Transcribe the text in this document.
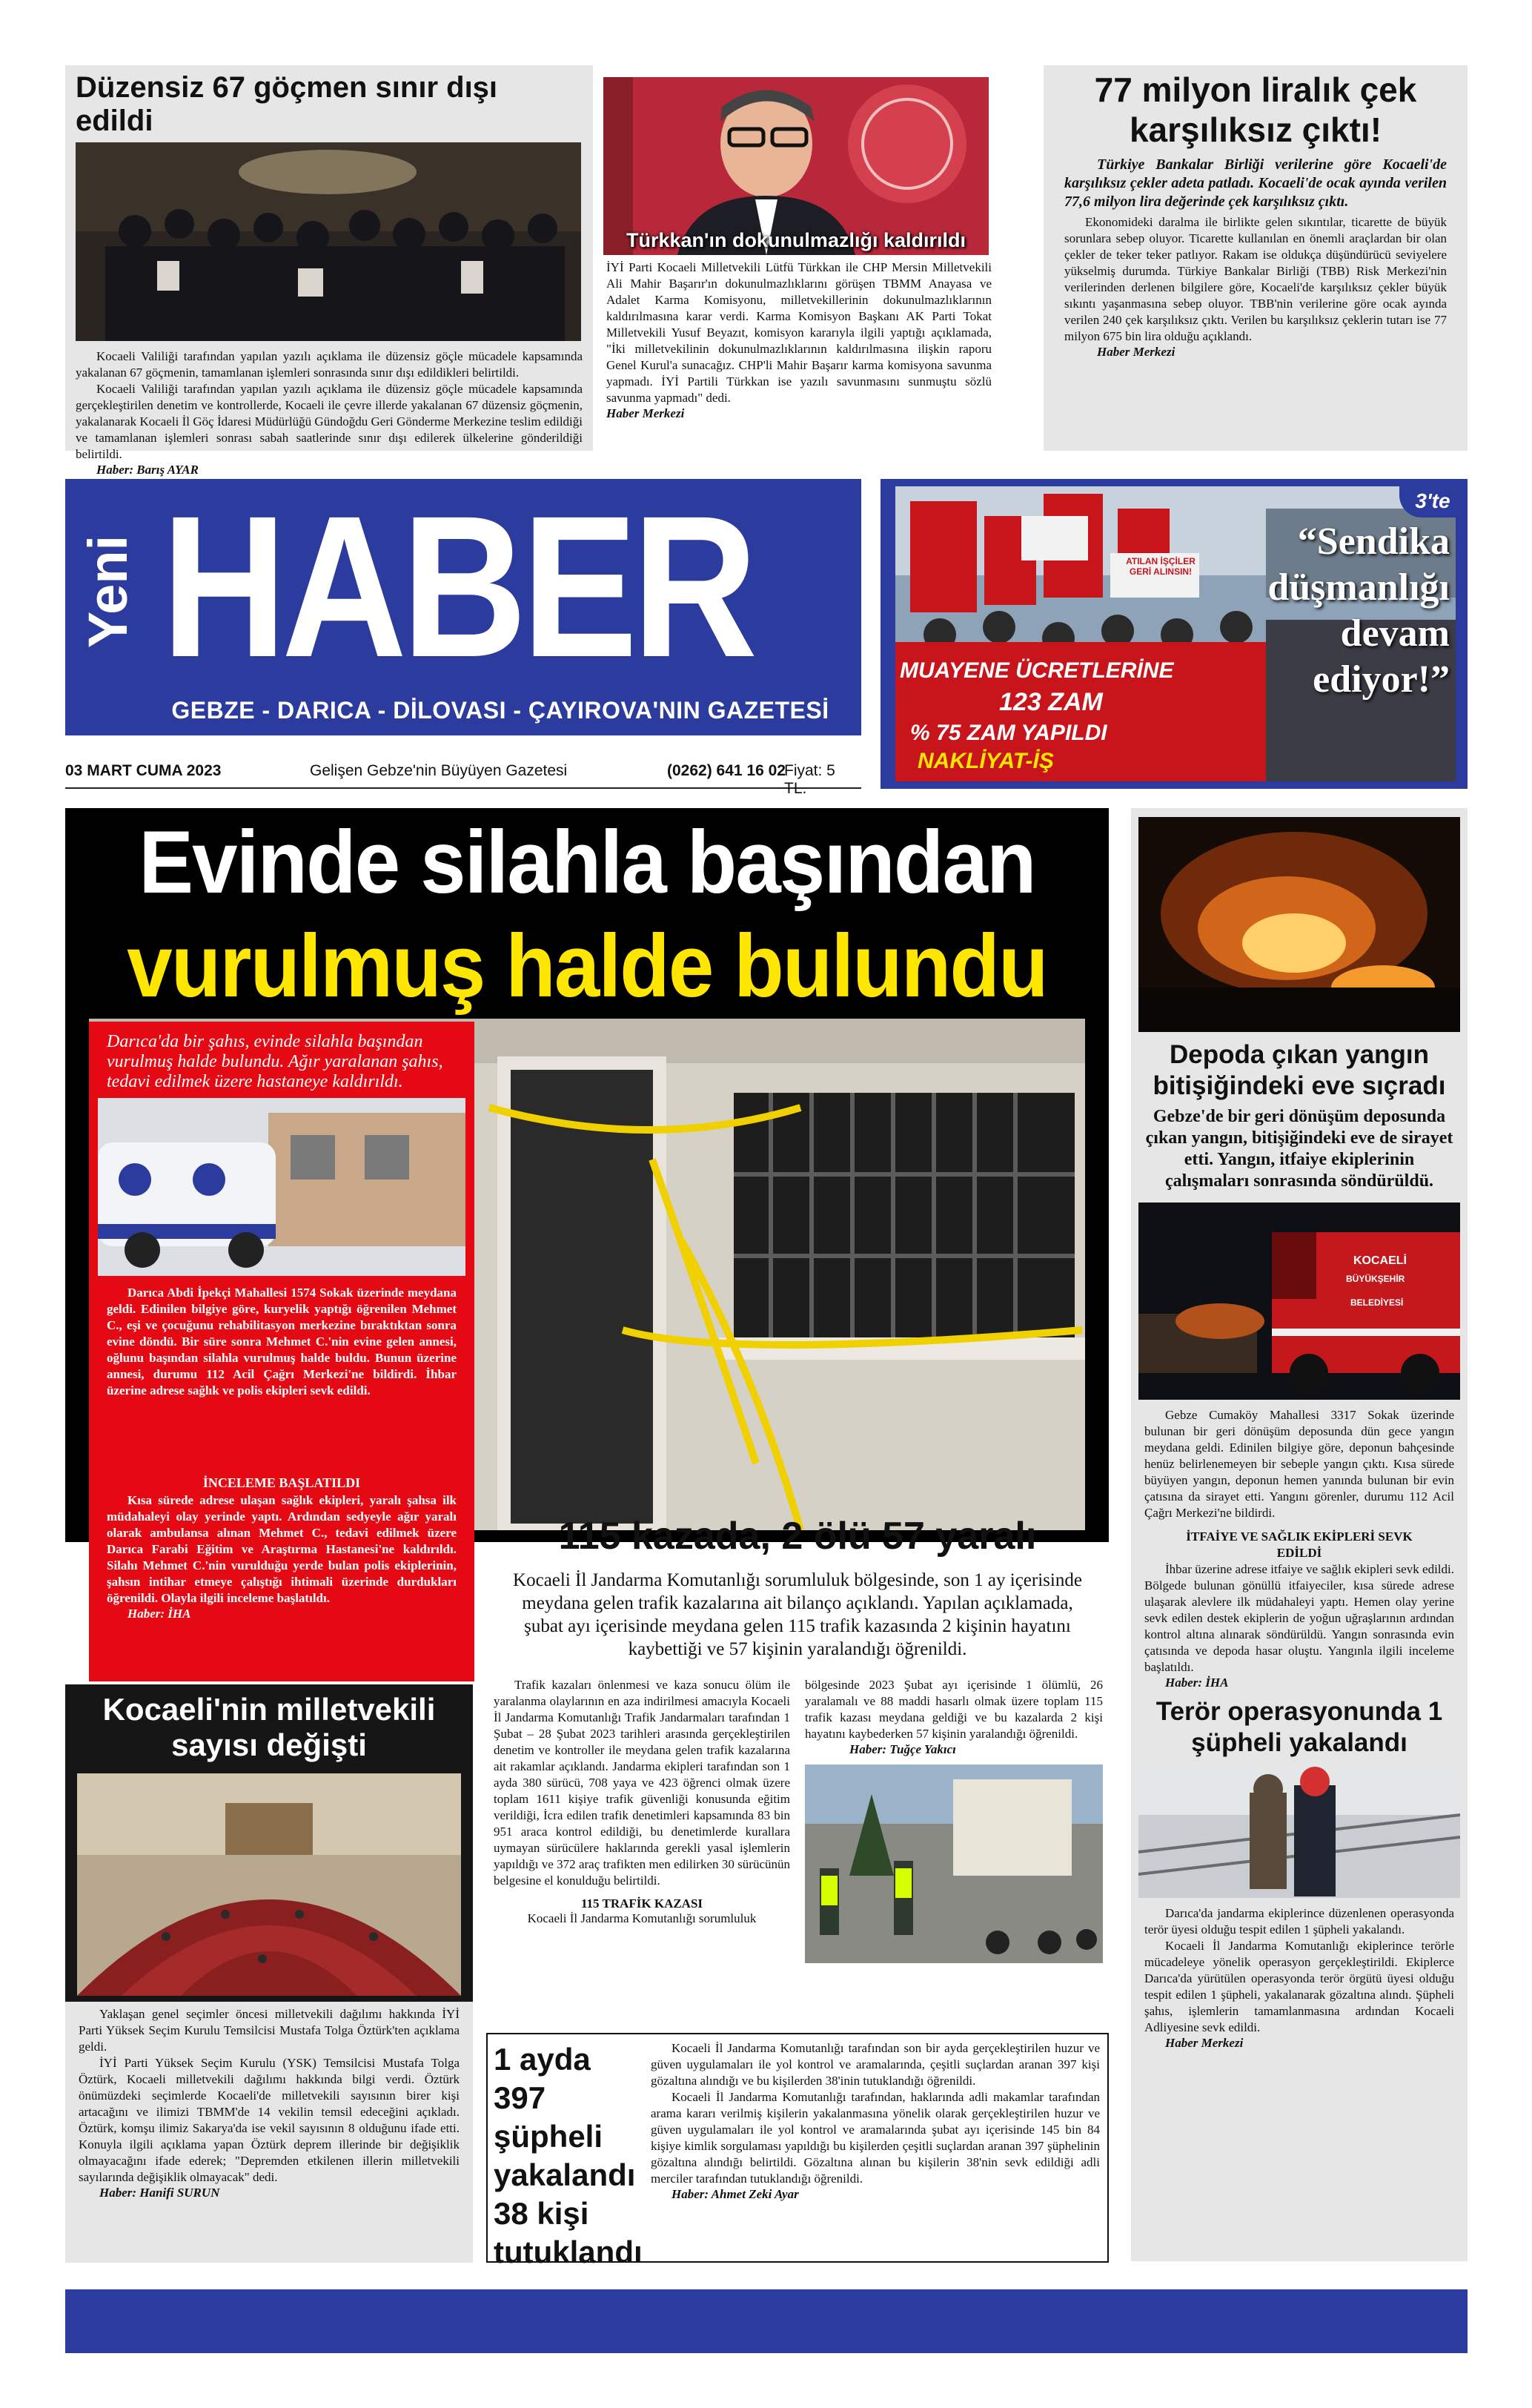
Düzensiz 67 göçmen sınır dışı edildi

Kocaeli Valiliği tarafından yapılan yazılı açıklama ile düzensiz göçle mücadele kapsamında yakalanan 67 göçmenin, tamamlanan işlemleri sonrasında sınır dışı edildikleri belirtildi.

Kocaeli Valiliği tarafından yapılan yazılı açıklama ile düzensiz göçle mücadele kapsamında gerçekleştirilen denetim ve kontrollerde, Kocaeli ile çevre illerde yakalanan 67 düzensiz göçmenin, yakalanarak Kocaeli İl Göç İdaresi Müdürlüğü Gündoğdu Geri Gönderme Merkezine teslim edildiği ve tamamlanan işlemleri sonrası sabah saatlerinde sınır dışı edilerek ülkelerine gönderildiği belirtildi.

Haber: Barış AYAR
Türkkan'ın dokunulmazlığı kaldırıldı

İYİ Parti Kocaeli Milletvekili Lütfü Türkkan ile CHP Mersin Milletvekili Ali Mahir Başarır'ın dokunulmazlıklarını görüşen TBMM Anayasa ve Adalet Karma Komisyonu, milletvekillerinin dokunulmazlıklarının kaldırılmasına karar verdi. Karma Komisyon Başkanı AK Parti Tokat Milletvekili Yusuf Beyazıt, komisyon kararıyla ilgili yaptığı açıklamada, "İki milletvekilinin dokunulmazlıklarının kaldırılmasına ilişkin raporu Genel Kurul'a sunacağız. CHP'li Mahir Başarır karma komisyona savunma yapmadı. İYİ Partili Türkkan ise yazılı savunmasını sunmuştu sözlü savunma yapmadı" dedi.

Haber Merkezi
77 milyon liralık çek karşılıksız çıktı!

Türkiye Bankalar Birliği verilerine göre Kocaeli'de karşılıksız çekler adeta patladı. Kocaeli'de ocak ayında verilen 77,6 milyon lira değerinde çek karşılıksız çıktı.

Ekonomideki daralma ile birlikte gelen sıkıntılar, ticarette de büyük sorunlara sebep oluyor. Ticarette kullanılan en önemli araçlardan bir olan çekler de teker teker patlıyor. Rakam ise oldukça düşündürücü seviyelere yükselmiş durumda. Türkiye Bankalar Birliği (TBB) Risk Merkezi'nin verilerinden derlenen bilgilere göre, Kocaeli'de karşılıksız çekler büyük sıkıntı yaşanmasına sebep oluyor. TBB'nin verilerine göre ocak ayında verilen 240 çek karşılıksız çıktı. Verilen bu karşılıksız çeklerin tutarı ise 77 milyon 675 bin lira olduğu açıklandı.

Haber Merkezi
Yeni HABER
GEBZE - DARICA - DİLOVASI - ÇAYIROVA'NIN GAZETESİ
03 MART CUMA 2023	Gelişen Gebze'nin Büyüyen Gazetesi	(0262) 641 16 02
Fiyat: 5 TL.
ATILAN İŞÇİLER GERİ ALINSIN!
MUAYENE ÜCRETLERİNE
123 ZAM
% 75 ZAM YAPILDI
NAKLİYAT-İŞ
3'te
“Sendika düşmanlığı devam ediyor!”
Evinde silahla başından
vurulmuş halde bulundu

Darıca'da bir şahıs, evinde silahla başından vurulmuş halde bulundu. Ağır yaralanan şahıs, tedavi edilmek üzere hastaneye kaldırıldı.

Darıca Abdi İpekçi Mahallesi 1574 Sokak üzerinde meydana geldi. Edinilen bilgiye göre, kuryelik yaptığı öğrenilen Mehmet C., eşi ve çocuğunu rehabilitasyon merkezine bıraktıktan sonra evine döndü. Bir süre sonra Mehmet C.'nin evine gelen annesi, oğlunu başından silahla vurulmuş halde buldu. Bunun üzerine annesi, durumu 112 Acil Çağrı Merkezi'ne bildirdi. İhbar üzerine adrese sağlık ve polis ekipleri sevk edildi.

İNCELEME BAŞLATILDI

Kısa sürede adrese ulaşan sağlık ekipleri, yaralı şahsa ilk müdahaleyi olay yerinde yaptı. Ardından sedyeyle ağır yaralı olarak ambulansa alınan Mehmet C., tedavi edilmek üzere Darıca Farabi Eğitim ve Araştırma Hastanesi'ne kaldırıldı. Silahı Mehmet C.'nin vurulduğu yerde bulan polis ekiplerinin, şahsın intihar etmeye çalıştığı ihtimali üzerinde durdukları öğrenildi. Olayla ilgili inceleme başlatıldı.

Haber: İHA
Depoda çıkan yangın bitişiğindeki eve sıçradı
Gebze'de bir geri dönüşüm deposunda çıkan yangın, bitişiğindeki eve de sirayet etti. Yangın, itfaiye ekiplerinin çalışmaları sonrasında söndürüldü.
KOCAELİ
BÜYÜKŞEHİR
BELEDİYESİ

Gebze Cumaköy Mahallesi 3317 Sokak üzerinde bulunan bir geri dönüşüm deposunda dün gece yangın meydana geldi. Edinilen bilgiye göre, deponun bahçesinde henüz belirlenemeyen bir sebeple yangın çıktı. Kısa sürede büyüyen yangın, deponun hemen yanında bulunan bir evin çatısına da sirayet etti. Yangını görenler, durumu 112 Acil Çağrı Merkezi'ne bildirdi.

İTFAİYE VE SAĞLIK EKİPLERİ SEVK EDİLDİ

İhbar üzerine adrese itfaiye ve sağlık ekipleri sevk edildi. Bölgede bulunan gönüllü itfaiyeciler, kısa sürede adrese ulaşarak alevlere ilk müdahaleyi yaptı. Hemen olay yerine sevk edilen destek ekiplerin de yoğun uğraşlarının ardından kontrol altına alınarak söndürüldü. Yangın sonrasında evin çatısında ve depoda hasar oluştu. Yangınla ilgili inceleme başlatıldı.

Haber: İHA
Terör operasyonunda 1 şüpheli yakalandı

Darıca'da jandarma ekiplerince düzenlenen operasyonda terör üyesi olduğu tespit edilen 1 şüpheli yakalandı.

Kocaeli İl Jandarma Komutanlığı ekiplerince terörle mücadeleye yönelik operasyon gerçekleştirildi. Ekiplerce Darıca'da yürütülen operasyonda terör örgütü üyesi olduğu tespit edilen 1 şüpheli, yakalanarak gözaltına alındı. Şüpheli şahıs, işlemlerin tamamlanmasına ardından Kocaeli Adliyesine sevk edildi.

Haber Merkezi
115 kazada, 2 ölü 57 yaralı

Kocaeli İl Jandarma Komutanlığı sorumluluk bölgesinde, son 1 ay içerisinde meydana gelen trafik kazalarına ait bilanço açıklandı. Yapılan açıklamada, şubat ayı içerisinde meydana gelen 115 trafik kazasında 2 kişinin hayatını kaybettiği ve 57 kişinin yaralandığı öğrenildi.

Trafik kazaları önlenmesi ve kaza sonucu ölüm ile yaralanma olaylarının en aza indirilmesi amacıyla Kocaeli İl Jandarma Komutanlığı Trafik Jandarmaları tarafından 1 Şubat – 28 Şubat 2023 tarihleri arasında gerçekleştirilen denetim ve kontroller ile meydana gelen trafik kazalarına ait rakamlar açıklandı. Jandarma ekipleri tarafından son 1 ayda 380 sürücü, 708 yaya ve 423 öğrenci olmak üzere toplam 1611 kişiye trafik güvenliği konusunda eğitim verildiği, İcra edilen trafik denetimleri kapsamında 83 bin 951 araca kontrol edildiği, bu denetimlerde kurallara uymayan sürücülere haklarında gerekli yasal işlemlerin yapıldığı ve 372 araç trafikten men edilirken 30 sürücünün belgesine el konulduğu belirtildi.

115 TRAFİK KAZASI
Kocaeli İl Jandarma Komutanlığı sorumluluk

bölgesinde 2023 Şubat ayı içerisinde 1 ölümlü, 26 yaralamalı ve 88 maddi hasarlı olmak üzere toplam 115 trafik kazası meydana geldiği ve bu kazalarda 2 kişi hayatını kaybederken 57 kişinin yaralandığı öğrenildi.

Haber: Tuğçe Yakıcı
Kocaeli'nin milletvekili sayısı değişti

Yaklaşan genel seçimler öncesi milletvekili dağılımı hakkında İYİ Parti Yüksek Seçim Kurulu Temsilcisi Mustafa Tolga Öztürk'ten açıklama geldi.

İYİ Parti Yüksek Seçim Kurulu (YSK) Temsilcisi Mustafa Tolga Öztürk, Kocaeli milletvekili dağılımı hakkında bilgi verdi. Öztürk önümüzdeki seçimlerde Kocaeli'de milletvekili sayısının birer kişi artacağını ve ilimizi TBMM'de 14 vekilin temsil edeceğini açıkladı. Öztürk, komşu ilimiz Sakarya'da ise vekil sayısının 8 olduğunu ifade etti. Konuyla ilgili açıklama yapan Öztürk deprem illerinde bir değişiklik olmayacağını ifade ederek; "Depremden etkilenen illerin milletvekili sayılarında değişiklik olmayacak" dedi.

Haber: Hanifi SURUN
1 ayda 397 şüpheli yakalandı 38 kişi tutuklandı

Kocaeli İl Jandarma Komutanlığı tarafından son bir ayda gerçekleştirilen huzur ve güven uygulamaları ile yol kontrol ve aramalarında, çeşitli suçlardan aranan 397 kişi gözaltına alındığı ve bu kişilerden 38'inin tutuklandığı öğrenildi.

Kocaeli İl Jandarma Komutanlığı tarafından, haklarında adli makamlar tarafından arama kararı verilmiş kişilerin yakalanmasına yönelik olarak gerçekleştirilen huzur ve güven uygulamaları ile yol kontrol ve aramalarında şubat ayı içerisinde 145 bin 84 kişiye kimlik sorgulaması yapıldığı bu kişilerden çeşitli suçlardan aranan 397 şüphelinin gözaltına alındığı belirtildi. Gözaltına alınan bu kişilerin 38'nin sevk edildiği adli merciler tarafından tutuklandığı öğrenildi.

Haber: Ahmet Zeki Ayar
